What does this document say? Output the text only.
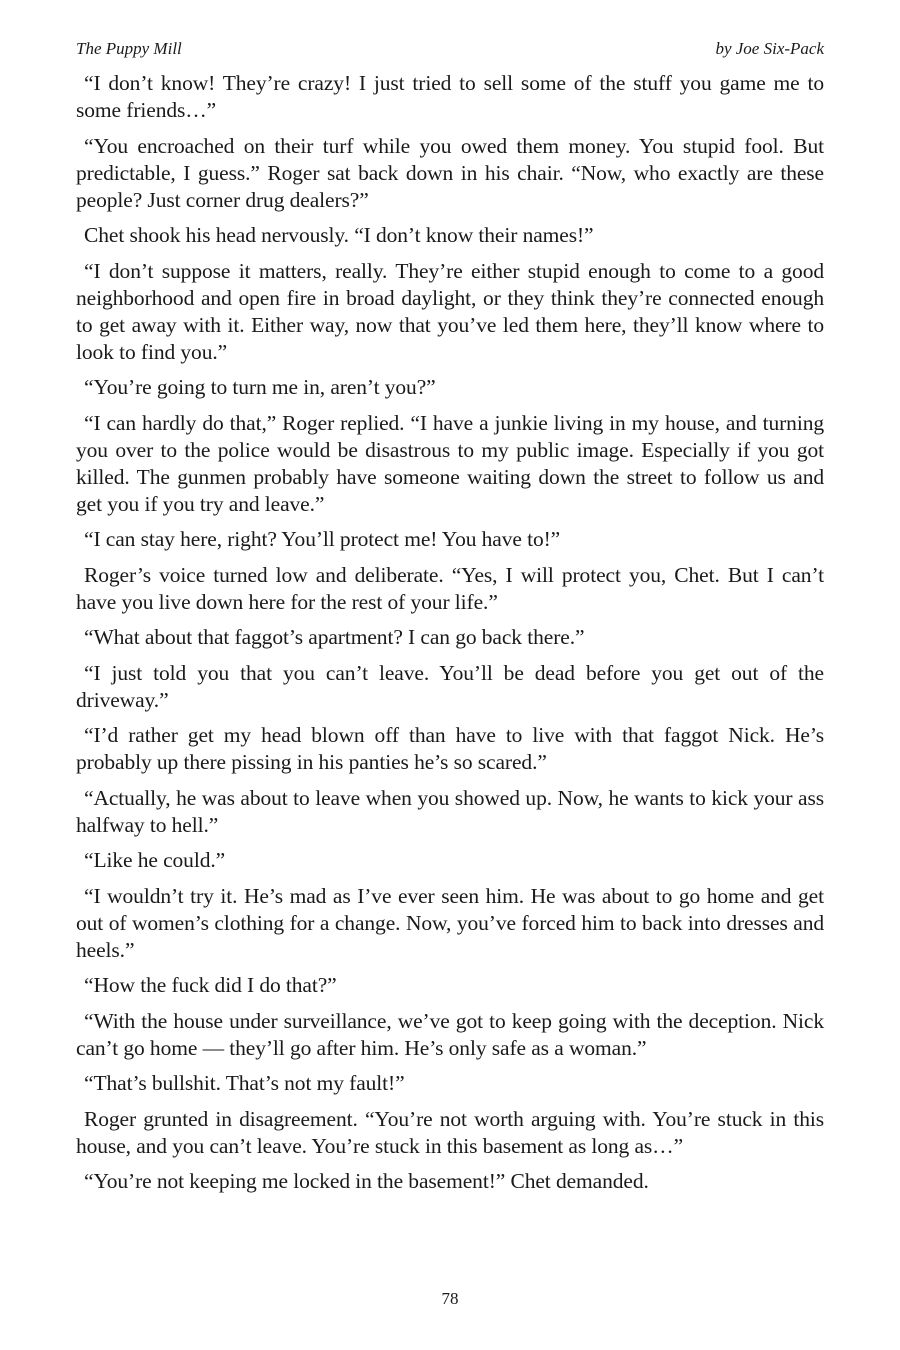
The Puppy Mill	by Joe Six-Pack

“I don’t know! They’re crazy! I just tried to sell some of the stuff you game me to some friends…”

“You encroached on their turf while you owed them money. You stupid fool. But predictable, I guess.” Roger sat back down in his chair. “Now, who exactly are these people? Just corner drug dealers?”

Chet shook his head nervously. “I don’t know their names!”

“I don’t suppose it matters, really. They’re either stupid enough to come to a good neighborhood and open fire in broad daylight, or they think they’re connected enough to get away with it. Either way, now that you’ve led them here, they’ll know where to look to find you.”

“You’re going to turn me in, aren’t you?”

“I can hardly do that,” Roger replied. “I have a junkie living in my house, and turning you over to the police would be disastrous to my public image. Especially if you got killed. The gunmen probably have someone waiting down the street to follow us and get you if you try and leave.”

“I can stay here, right? You’ll protect me! You have to!”

Roger’s voice turned low and deliberate. “Yes, I will protect you, Chet. But I can’t have you live down here for the rest of your life.”

“What about that faggot’s apartment? I can go back there.”

“I just told you that you can’t leave. You’ll be dead before you get out of the driveway.”

“I’d rather get my head blown off than have to live with that faggot Nick. He’s probably up there pissing in his panties he’s so scared.”

“Actually, he was about to leave when you showed up. Now, he wants to kick your ass halfway to hell.”

“Like he could.”

“I wouldn’t try it. He’s mad as I’ve ever seen him. He was about to go home and get out of women’s clothing for a change. Now, you’ve forced him to back into dresses and heels.”

“How the fuck did I do that?”

“With the house under surveillance, we’ve got to keep going with the deception. Nick can’t go home — they’ll go after him. He’s only safe as a woman.”

“That’s bullshit. That’s not my fault!”

Roger grunted in disagreement. “You’re not worth arguing with. You’re stuck in this house, and you can’t leave. You’re stuck in this basement as long as…”

“You’re not keeping me locked in the basement!” Chet demanded.

78
